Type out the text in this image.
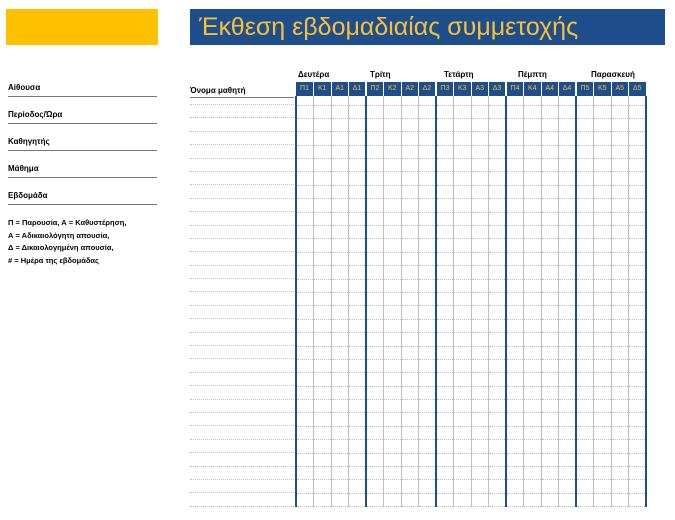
Έκθεση εβδομαδιαίας συμμετοχής
Αίθουσα
Περίοδος/Ώρα
Καθηγητής
Μάθημα
Εβδομάδα
Π = Παρουσία, Α = Καθυστέρηση,
Α = Αδικαιολόγητη απουσία,
Δ = Δικαιολογημένη απουσία,
# = Ημέρα της εβδομάδας
Δευτέρα	Τρίτη	Τετάρτη	Πέμπτη	Παρασκευή
Όνομα μαθητή	Π1	Κ1	Α1	Δ1	Π2	Κ2	Α2	Δ2	Π3	Κ3	Α3	Δ3	Π4	Κ4	Α4	Δ4	Π5	Κ5	Α5	Δ5
